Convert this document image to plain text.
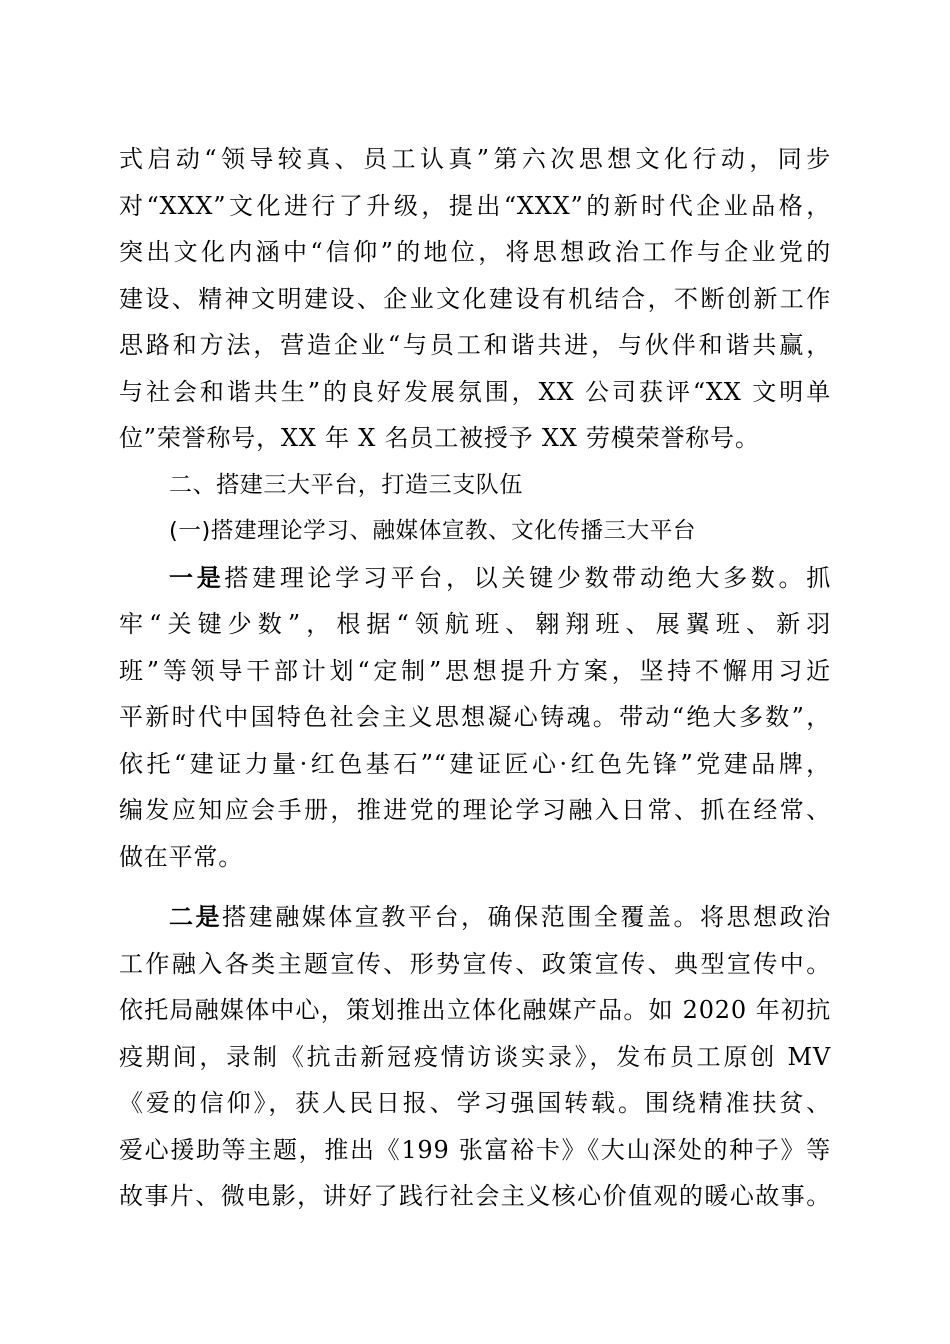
式启动“领导较真、员工认真”第六次思想文化行动，同步
对“XXX”文化进行了升级，提出“XXX”的新时代企业品格，
突出文化内涵中“信仰”的地位，将思想政治工作与企业党的
建设、精神文明建设、企业文化建设有机结合，不断创新工作
思路和方法，营造企业“与员工和谐共进，与伙伴和谐共赢，
与社会和谐共生”的良好发展氛围，XX 公司获评“XX 文明单
位”荣誉称号，XX 年 X 名员工被授予 XX 劳模荣誉称号。
二、搭建三大平台，打造三支队伍
(一)搭建理论学习、融媒体宣教、文化传播三大平台
一是搭建理论学习平台，以关键少数带动绝大多数。抓
牢“关键少数”，根据“领航班、翱翔班、展翼班、新羽
班”等领导干部计划“定制”思想提升方案，坚持不懈用习近
平新时代中国特色社会主义思想凝心铸魂。带动“绝大多数”，
依托“建证力量·红色基石”“建证匠心·红色先锋”党建品牌，
编发应知应会手册，推进党的理论学习融入日常、抓在经常、
做在平常。
二是搭建融媒体宣教平台，确保范围全覆盖。将思想政治
工作融入各类主题宣传、形势宣传、政策宣传、典型宣传中。
依托局融媒体中心，策划推出立体化融媒产品。如 2020 年初抗
疫期间，录制《抗击新冠疫情访谈实录》，发布员工原创 MV
《爱的信仰》，获人民日报、学习强国转载。围绕精准扶贫、
爱心援助等主题，推出《199 张富裕卡》《大山深处的种子》等
故事片、微电影，讲好了践行社会主义核心价值观的暖心故事。
